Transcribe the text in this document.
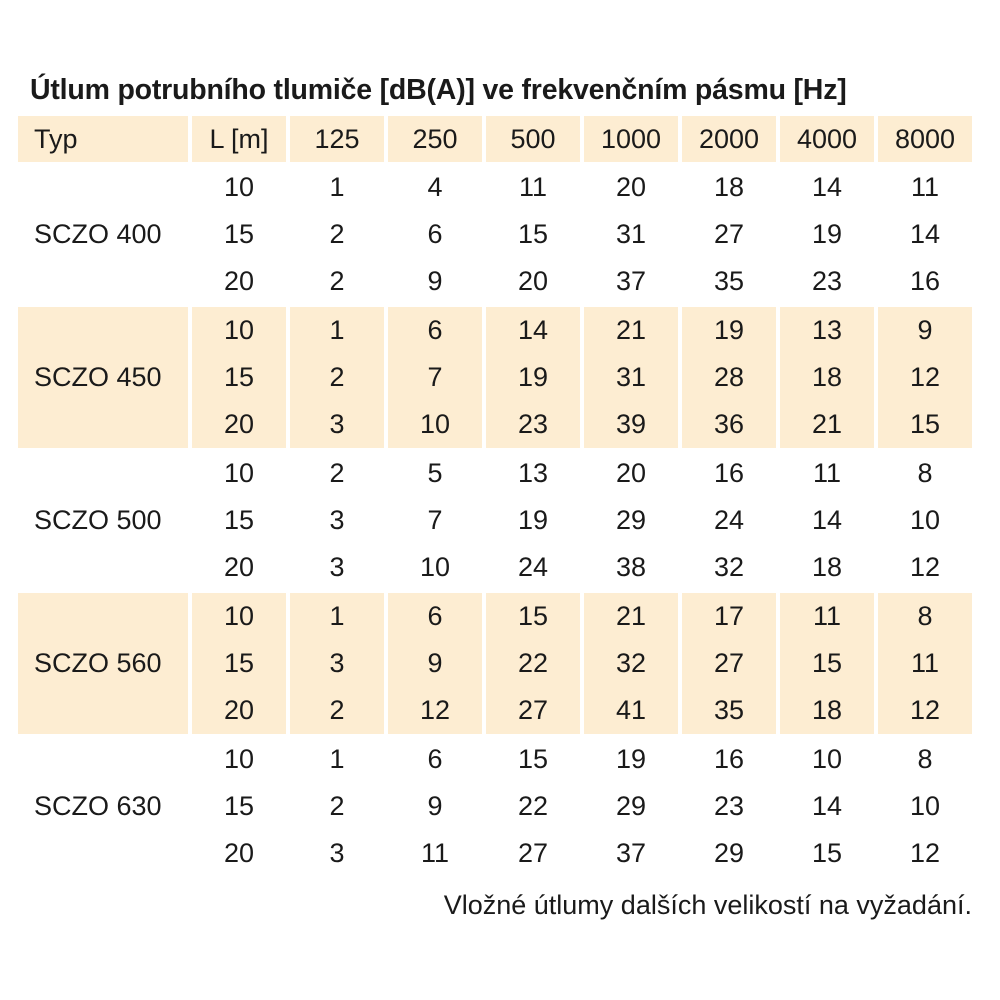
Útlum potrubního tlumiče [dB(A)] ve frekvenčním pásmu [Hz]
Typ	L [m]	125	250	500	1000	2000	4000	8000

SCZO 400	10	1	4	11	20	18	14	11
	15	2	6	15	31	27	19	14
	20	2	9	20	37	35	23	16

SCZO 450	10	1	6	14	21	19	13	9
	15	2	7	19	31	28	18	12
	20	3	10	23	39	36	21	15

SCZO 500	10	2	5	13	20	16	11	8
	15	3	7	19	29	24	14	10
	20	3	10	24	38	32	18	12

SCZO 560	10	1	6	15	21	17	11	8
	15	3	9	22	32	27	15	11
	20	2	12	27	41	35	18	12

SCZO 630	10	1	6	15	19	16	10	8
	15	2	9	22	29	23	14	10
	20	3	11	27	37	29	15	12
Vložné útlumy dalších velikostí na vyžadání.
